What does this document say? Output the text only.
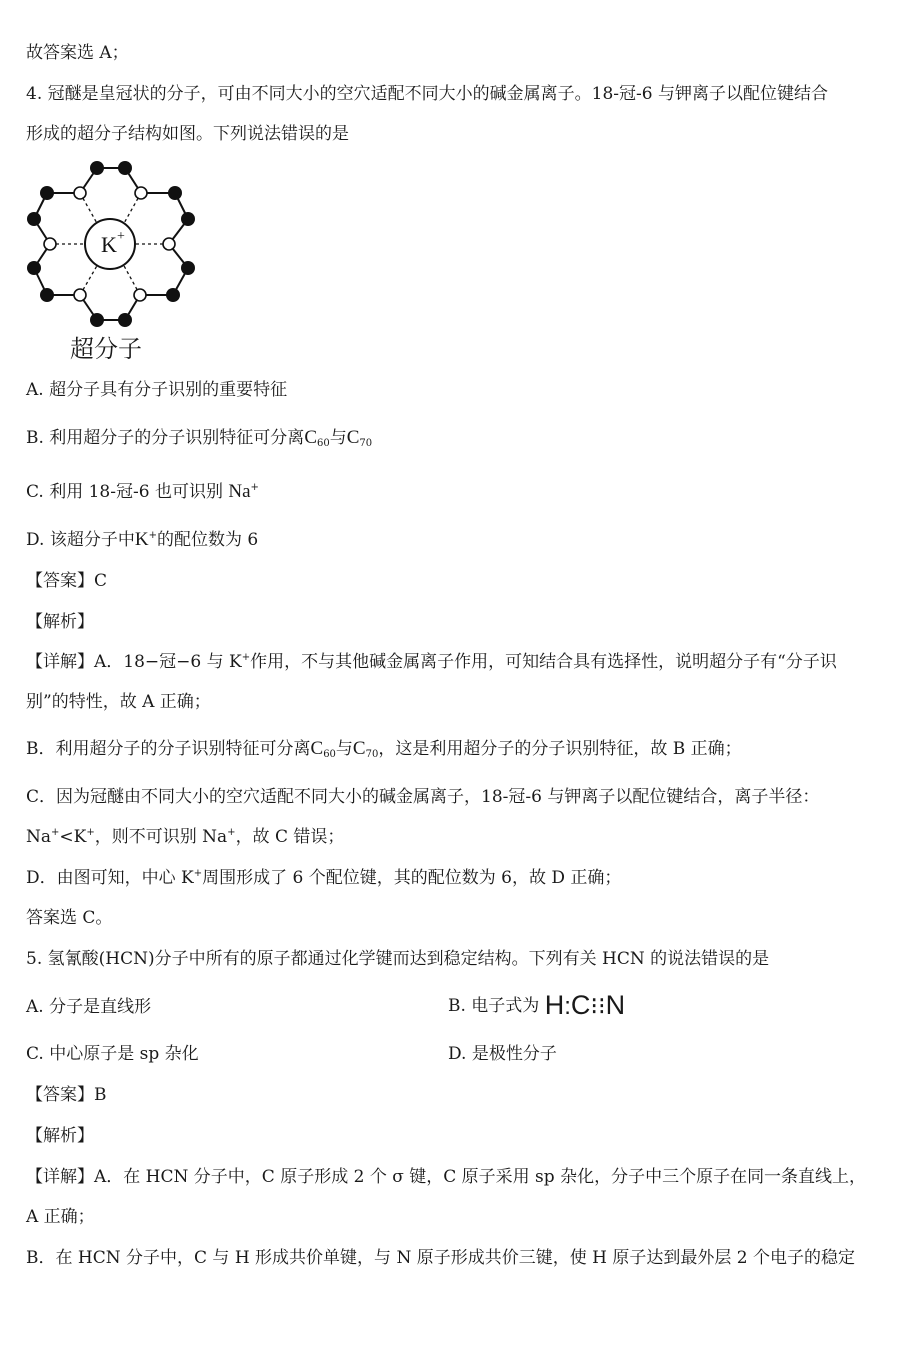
故答案选 A；
4. 冠醚是皇冠状的分子，可由不同大小的空穴适配不同大小的碱金属离子。18-冠-6 与钾离子以配位键结合
形成的超分子结构如图。下列说法错误的是
K +
超分子
A. 超分子具有分子识别的重要特征
B. 利用超分子的分子识别特征可分离$C_{60}$与$C_{70}$
C. 利用 18-冠-6 也可识别 Na+
D. 该超分子中K+的配位数为 6
【答案】C
【解析】
【详解】A．18−冠−6 与 K+作用，不与其他碱金属离子作用，可知结合具有选择性，说明超分子有“分子识
别”的特性，故 A 正确；
B．利用超分子的分子识别特征可分离$C_{60}$与$C_{70}$，这是利用超分子的分子识别特征，故 B 正确；
C．因为冠醚由不同大小的空穴适配不同大小的碱金属离子，18-冠-6 与钾离子以配位键结合，离子半径：
Na+<K+，则不可识别 Na+，故 C 错误；
D．由图可知，中心 K+周围形成了 6 个配位键，其的配位数为 6，故 D 正确；
答案选 C。
5. 氢氰酸(HCN)分子中所有的原子都通过化学键而达到稳定结构。下列有关 HCN 的说法错误的是
A. 分子是直线形	B. 电子式为 H:C⁝⁝N
C. 中心原子是 sp 杂化	D. 是极性分子
【答案】B
【解析】
【详解】A．在 HCN 分子中，C 原子形成 2 个 σ 键，C 原子采用 sp 杂化，分子中三个原子在同一条直线上，
A 正确；
B．在 HCN 分子中，C 与 H 形成共价单键，与 N 原子形成共价三键，使 H 原子达到最外层 2 个电子的稳定
